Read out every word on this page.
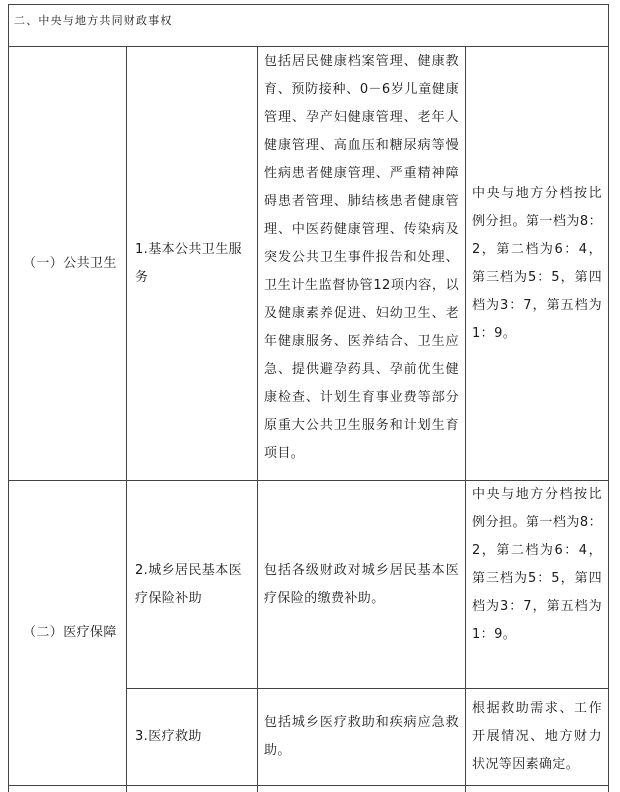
二、中央与地方共同财政事权
（一）公共卫生
1.基本公共卫生服务
包括居民健康档案管理、健康教育、预防接种、0－6岁儿童健康管理、孕产妇健康管理、老年人健康管理、高血压和糖尿病等慢性病患者健康管理、严重精神障碍患者管理、肺结核患者健康管理、中医药健康管理、传染病及突发公共卫生事件报告和处理、卫生计生监督协管12项内容，以及健康素养促进、妇幼卫生、老年健康服务、医养结合、卫生应急、提供避孕药具、孕前优生健康检查、计划生育事业费等部分原重大公共卫生服务和计划生育项目。
中央与地方分档按比例分担。第一档为8：2，第二档为6：4，第三档为5：5，第四档为3：7，第五档为1：9。
（二）医疗保障
2.城乡居民基本医疗保险补助
包括各级财政对城乡居民基本医疗保险的缴费补助。
中央与地方分档按比例分担。第一档为8：2，第二档为6：4，第三档为5：5，第四档为3：7，第五档为1：9。
3.医疗救助
包括城乡医疗救助和疾病应急救助。
根据救助需求、工作开展情况、地方财力状况等因素确定。
